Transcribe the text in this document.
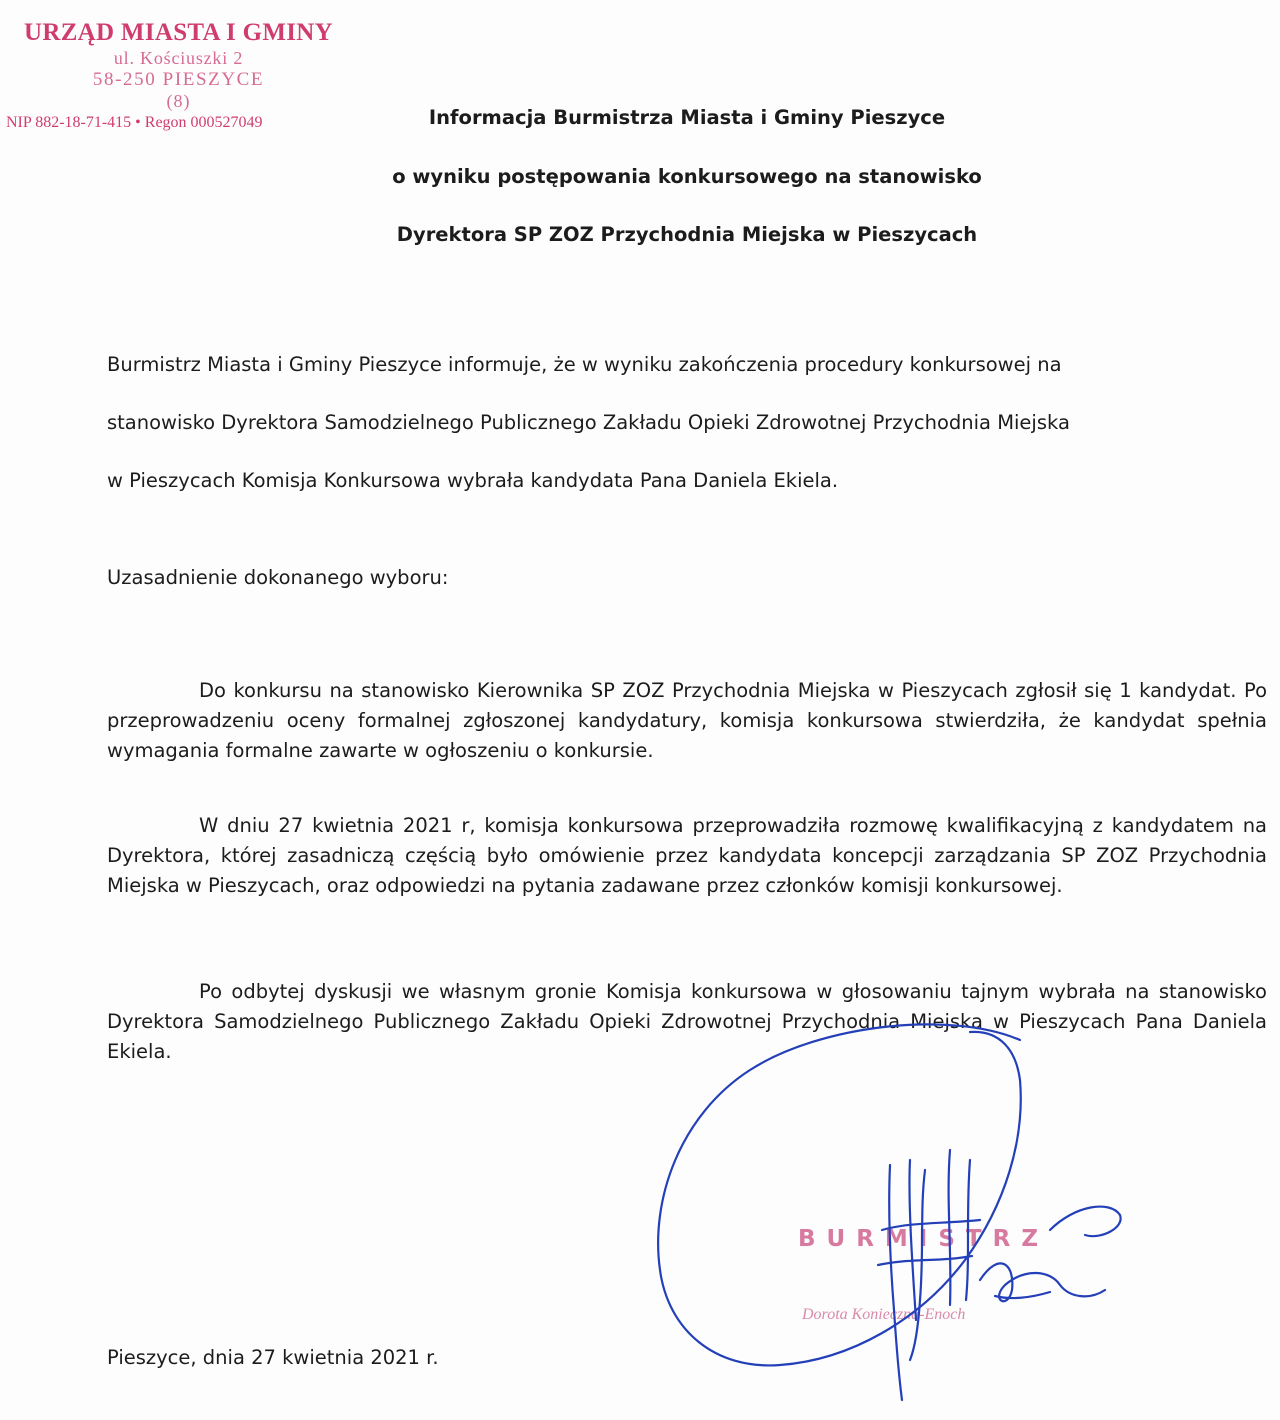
URZĄD MIASTA I GMINY
ul. Kościuszki 2
58-250 PIESZYCE
(8)
NIP 882-18-71-415 • Regon 000527049	Informacja Burmistrza Miasta i Gminy Pieszyce
o wyniku postępowania konkursowego na stanowisko
Dyrektora SP ZOZ Przychodnia Miejska w Pieszycach
Burmistrz Miasta i Gminy Pieszyce informuje, że w wyniku zakończenia procedury konkursowej na
stanowisko Dyrektora Samodzielnego Publicznego Zakładu Opieki Zdrowotnej Przychodnia Miejska
w Pieszycach Komisja Konkursowa wybrała kandydata Pana Daniela Ekiela.
Uzasadnienie dokonanego wyboru:
Do konkursu na stanowisko Kierownika SP ZOZ Przychodnia Miejska w Pieszycach zgłosił się 1 kandydat. Po przeprowadzeniu oceny formalnej zgłoszonej kandydatury, komisja konkursowa stwierdziła, że kandydat spełnia wymagania formalne zawarte w ogłoszeniu o konkursie.
W dniu 27 kwietnia 2021 r, komisja konkursowa przeprowadziła rozmowę kwalifikacyjną z kandydatem na Dyrektora, której zasadniczą częścią było omówienie przez kandydata koncepcji zarządzania SP ZOZ Przychodnia Miejska w Pieszycach, oraz odpowiedzi na pytania zadawane przez członków komisji konkursowej.
Po odbytej dyskusji we własnym gronie Komisja konkursowa w głosowaniu tajnym wybrała na stanowisko Dyrektora Samodzielnego Publicznego Zakładu Opieki Zdrowotnej Przychodnia Miejska w Pieszycach Pana Daniela Ekiela.
BURMISTRZ
Dorota Konieczna-Enoch
Pieszyce, dnia 27 kwietnia 2021 r.
